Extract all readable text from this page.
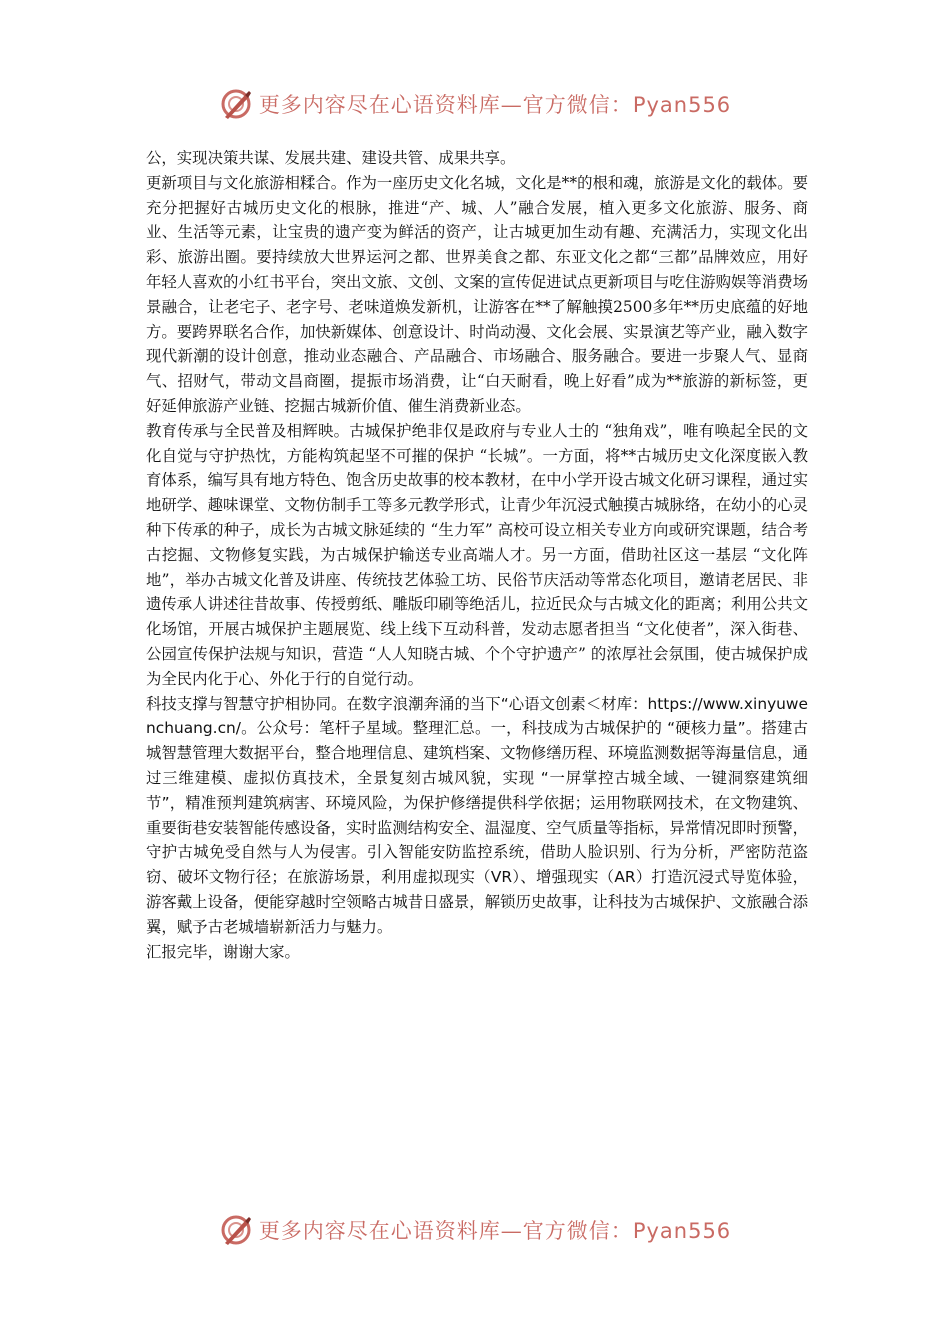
更多内容尽在心语资料库—官方微信：Pyan556

公，实现决策共谋、发展共建、建设共管、成果共享。

更新项目与文化旅游相糅合。作为一座历史文化名城，文化是**的根和魂，旅游是文化的载体。要充分把握好古城历史文化的根脉，推进“产、城、人”融合发展，植入更多文化旅游、服务、商业、生活等元素，让宝贵的遗产变为鲜活的资产，让古城更加生动有趣、充满活力，实现文化出彩、旅游出圈。要持续放大世界运河之都、世界美食之都、东亚文化之都“三都”品牌效应，用好年轻人喜欢的小红书平台，突出文旅、文创、文案的宣传促进试点更新项目与吃住游购娱等消费场景融合，让老宅子、老字号、老味道焕发新机，让游客在**了解触摸2500多年**历史底蕴的好地方。要跨界联名合作，加快新媒体、创意设计、时尚动漫、文化会展、实景演艺等产业，融入数字现代新潮的设计创意，推动业态融合、产品融合、市场融合、服务融合。要进一步聚人气、显商气、招财气，带动文昌商圈，提振市场消费，让“白天耐看，晚上好看”成为**旅游的新标签，更好延伸旅游产业链、挖掘古城新价值、催生消费新业态。

教育传承与全民普及相辉映。古城保护绝非仅是政府与专业人士的 “独角戏”，唯有唤起全民的文化自觉与守护热忱，方能构筑起坚不可摧的保护 “长城”。一方面，将**古城历史文化深度嵌入教育体系，编写具有地方特色、饱含历史故事的校本教材，在中小学开设古城文化研习课程，通过实地研学、趣味课堂、文物仿制手工等多元教学形式，让青少年沉浸式触摸古城脉络，在幼小的心灵种下传承的种子，成长为古城文脉延续的 “生力军” 高校可设立相关专业方向或研究课题，结合考古挖掘、文物修复实践，为古城保护输送专业高端人才。另一方面，借助社区这一基层 “文化阵地”，举办古城文化普及讲座、传统技艺体验工坊、民俗节庆活动等常态化项目，邀请老居民、非遗传承人讲述往昔故事、传授剪纸、雕版印刷等绝活儿，拉近民众与古城文化的距离；利用公共文化场馆，开展古城保护主题展览、线上线下互动科普，发动志愿者担当 “文化使者”，深入街巷、公园宣传保护法规与知识，营造 “人人知晓古城、个个守护遗产” 的浓厚社会氛围，使古城保护成为全民内化于心、外化于行的自觉行动。

科技支撑与智慧守护相协同。在数字浪潮奔涌的当下“心语文创素＜材库：https://www.xinyuwenchuang.cn/。公众号：笔杆子星域。整理汇总。一，科技成为古城保护的 “硬核力量”。搭建古城智慧管理大数据平台，整合地理信息、建筑档案、文物修缮历程、环境监测数据等海量信息，通过三维建模、虚拟仿真技术，全景复刻古城风貌，实现 “一屏掌控古城全域、一键洞察建筑细节”，精准预判建筑病害、环境风险，为保护修缮提供科学依据；运用物联网技术，在文物建筑、重要街巷安装智能传感设备，实时监测结构安全、温湿度、空气质量等指标，异常情况即时预警，守护古城免受自然与人为侵害。引入智能安防监控系统，借助人脸识别、行为分析，严密防范盗窃、破坏文物行径；在旅游场景，利用虚拟现实（VR）、增强现实（AR）打造沉浸式导览体验，游客戴上设备，便能穿越时空领略古城昔日盛景，解锁历史故事，让科技为古城保护、文旅融合添翼，赋予古老城墙崭新活力与魅力。

汇报完毕，谢谢大家。

更多内容尽在心语资料库—官方微信：Pyan556
